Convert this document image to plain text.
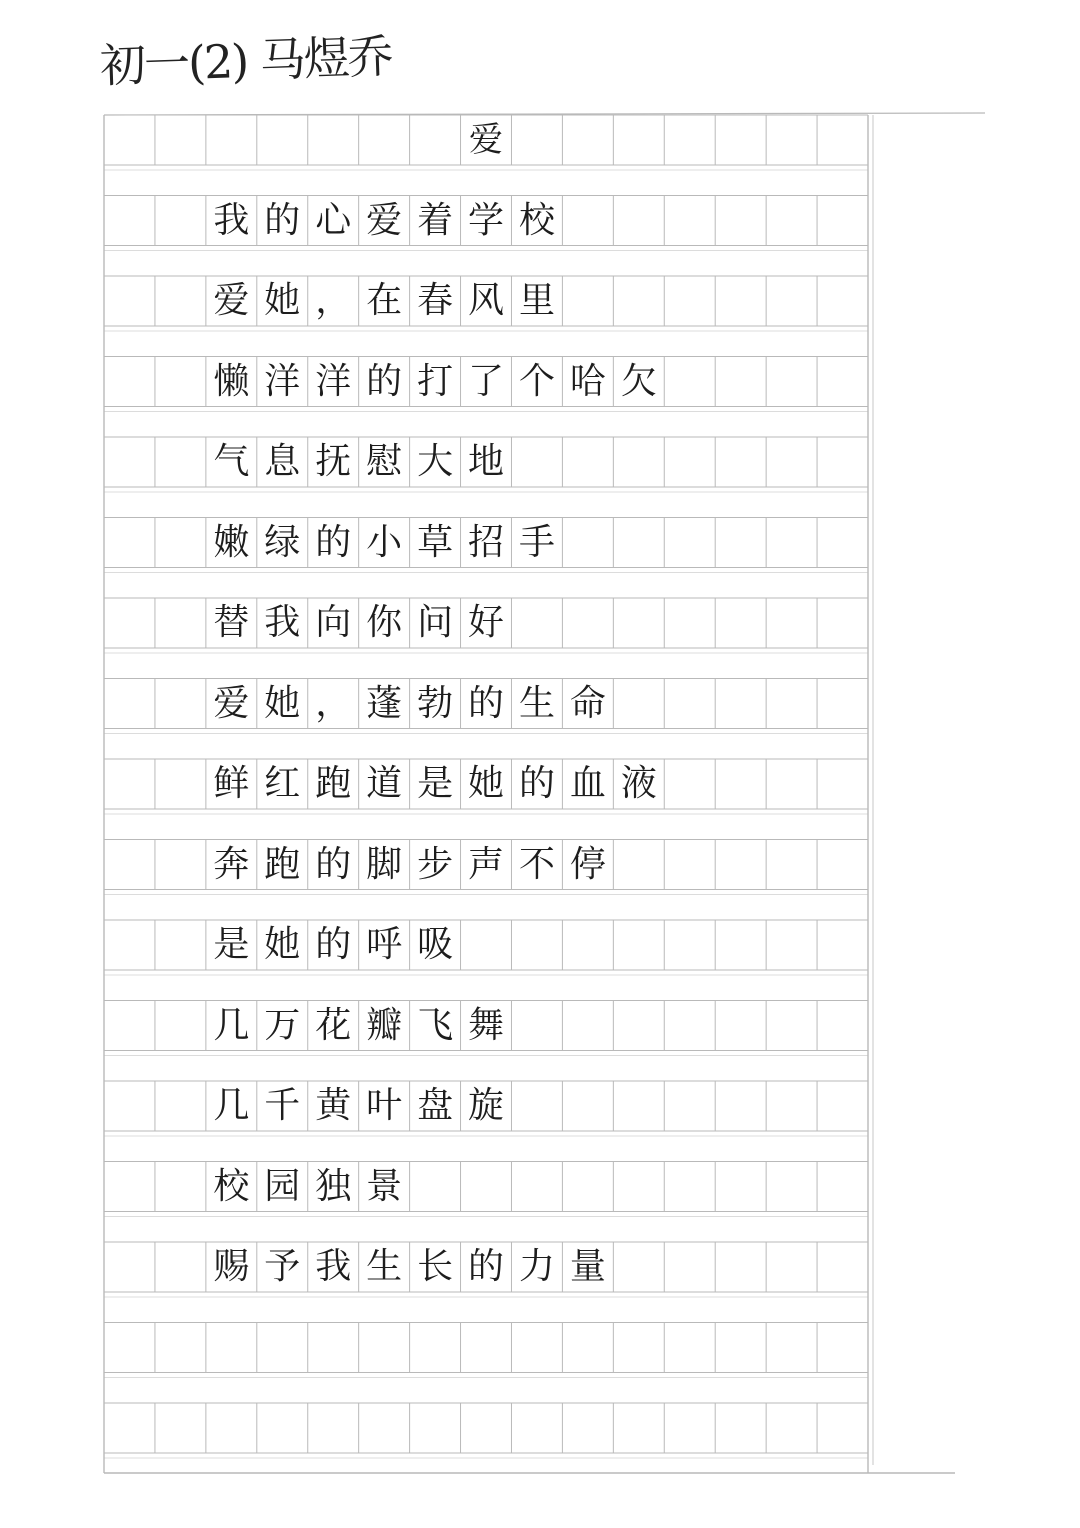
爱
我 的 心 爱 着 学 校
爱 她 ， 在 春 风 里
懒 洋 洋 的 打 了 个 哈 欠
气 息 抚 慰 大 地
嫩 绿 的 小 草 招 手
替 我 向 你 问 好
爱 她 ， 蓬 勃 的 生 命
鲜 红 跑 道 是 她 的 血 液
奔 跑 的 脚 步 声 不 停
是 她 的 呼 吸
几 万 花 瓣 飞 舞
几 千 黄 叶 盘 旋
校 园 独 景
赐 予 我 生 长 的 力 量
初一(2) 马煜乔
